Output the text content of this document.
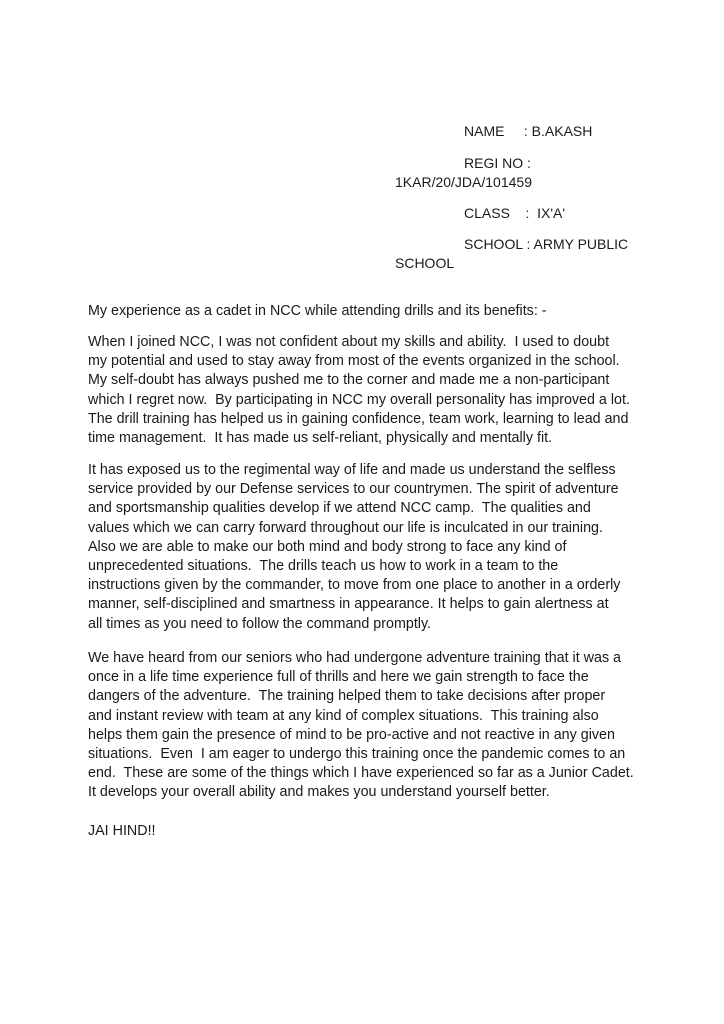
NAME     : B.AKASH
REGI NO :
1KAR/20/JDA/101459
CLASS    :  IX'A'
SCHOOL : ARMY PUBLIC
SCHOOL

My experience as a cadet in NCC while attending drills and its benefits: -

When I joined NCC, I was not confident about my skills and ability.  I used to doubt
my potential and used to stay away from most of the events organized in the school.
My self-doubt has always pushed me to the corner and made me a non-participant
which I regret now.  By participating in NCC my overall personality has improved a lot.
The drill training has helped us in gaining confidence, team work, learning to lead and
time management.  It has made us self-reliant, physically and mentally fit.
It has exposed us to the regimental way of life and made us understand the selfless
service provided by our Defense services to our countrymen. The spirit of adventure
and sportsmanship qualities develop if we attend NCC camp.  The qualities and
values which we can carry forward throughout our life is inculcated in our training.
Also we are able to make our both mind and body strong to face any kind of
unprecedented situations.  The drills teach us how to work in a team to the
instructions given by the commander, to move from one place to another in a orderly
manner, self-disciplined and smartness in appearance. It helps to gain alertness at
all times as you need to follow the command promptly.
We have heard from our seniors who had undergone adventure training that it was a
once in a life time experience full of thrills and here we gain strength to face the
dangers of the adventure.  The training helped them to take decisions after proper
and instant review with team at any kind of complex situations.  This training also
helps them gain the presence of mind to be pro-active and not reactive in any given
situations.  Even  I am eager to undergo this training once the pandemic comes to an
end.  These are some of the things which I have experienced so far as a Junior Cadet.
It develops your overall ability and makes you understand yourself better.

JAI HIND!!
